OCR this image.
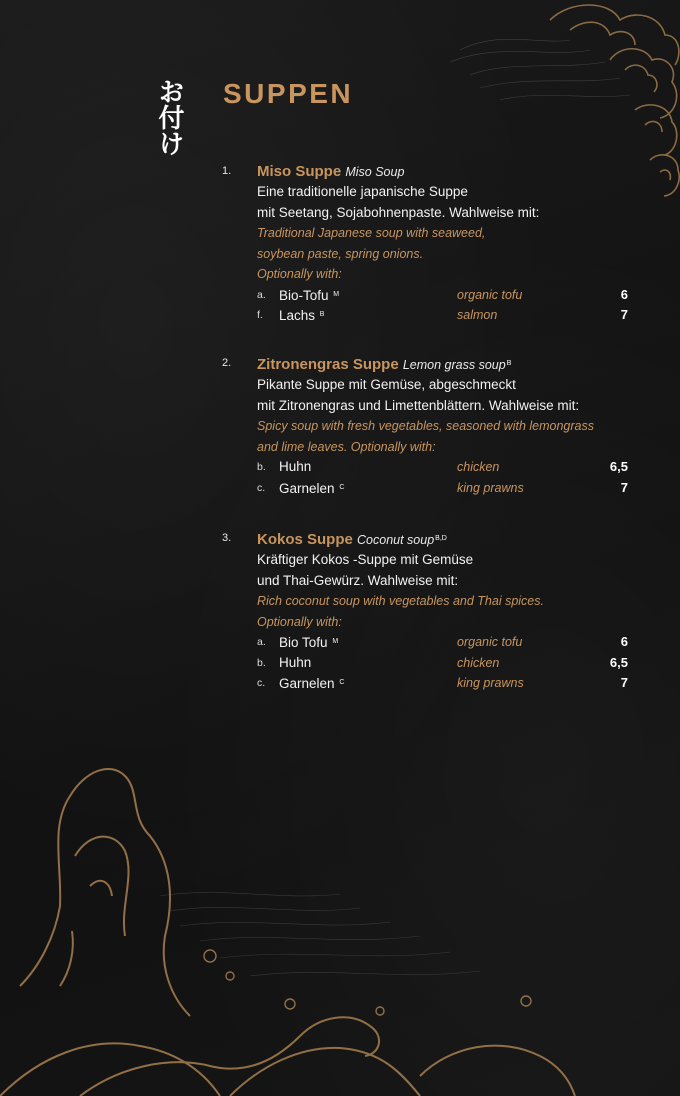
お付け SUPPEN
1. Miso Suppe Miso Soup
Eine traditionelle japanische Suppe
mit Seetang, Sojabohnenpaste. Wahlweise mit:
Traditional Japanese soup with seaweed,
soybean paste, spring onions.
Optionally with:
a. Bio-Tofu $^M$	organic tofu	6
f. Lachs $^B$	salmon	7
2. Zitronengras Suppe Lemon grass soup$^B$
Pikante Suppe mit Gemüse, abgeschmeckt
mit Zitronengras und Limettenblättern. Wahlweise mit:
Spicy soup with fresh vegetables, seasoned with lemongrass
and lime leaves. Optionally with:
b. Huhn	chicken	6,5
c. Garnelen $^C$	king prawns	7
3. Kokos Suppe Coconut soup$^{B,D}$
Kräftiger Kokos -Suppe mit Gemüse
und Thai-Gewürz. Wahlweise mit:
Rich coconut soup with vegetables and Thai spices.
Optionally with:
a. Bio Tofu $^M$	organic tofu	6
b. Huhn	chicken	6,5
c. Garnelen $^C$	king prawns	7
